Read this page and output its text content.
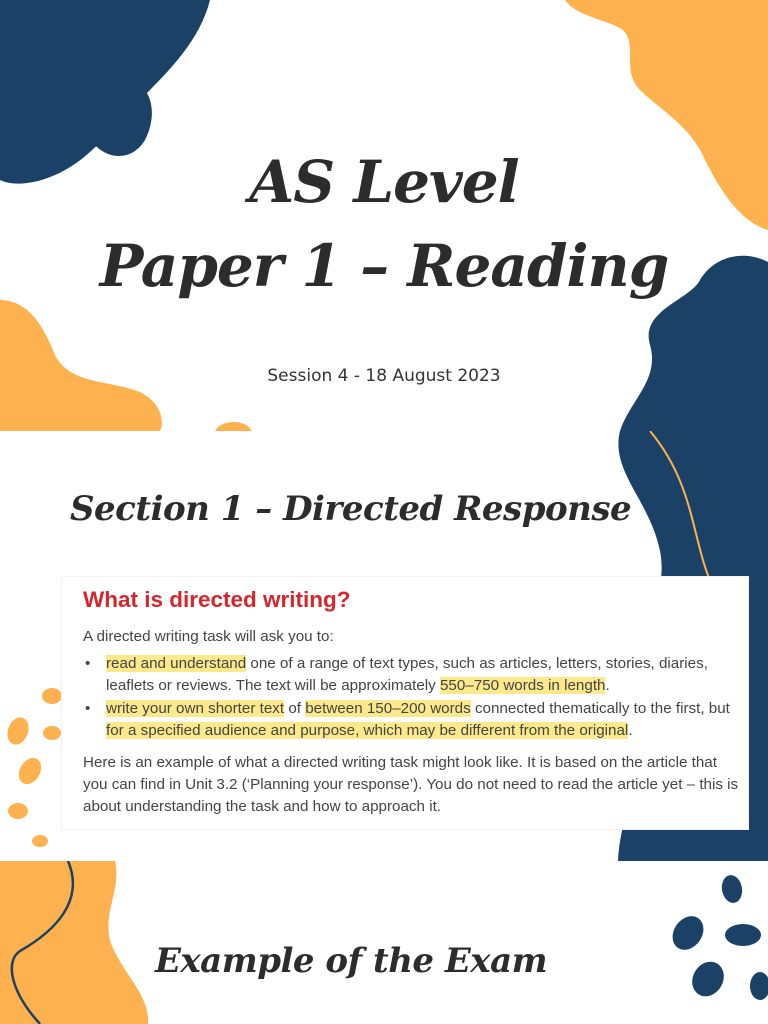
AS Level
Paper 1 – Reading
Session 4 - 18 August 2023
Section 1 – Directed Response
What is directed writing?
A directed writing task will ask you to:
• read and understand one of a range of text types, such as articles, letters, stories, diaries, leaflets or reviews. The text will be approximately 550–750 words in length.
• write your own shorter text of between 150–200 words connected thematically to the first, but for a specified audience and purpose, which may be different from the original.

Here is an example of what a directed writing task might look like. It is based on the article that you can find in Unit 3.2 (‘Planning your response’). You do not need to read the article yet – this is about understanding the task and how to approach it.

Example of the Exam
